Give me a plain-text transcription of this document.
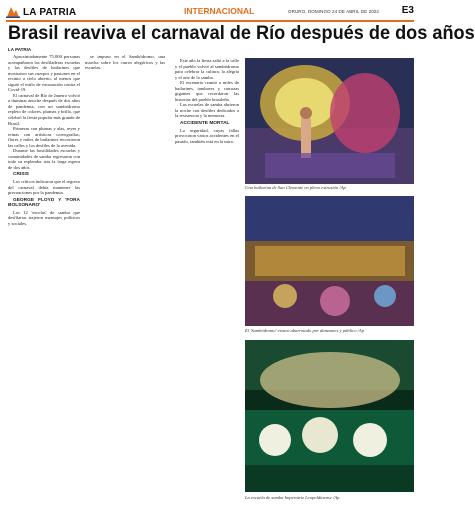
LA PATRIA	INTERNACIONAL	ORURO, DOMINGO 24 DE ABRIL DE 2022 E3
Brasil reaviva el carnaval de Río después de dos años
LA PATRIA

Aproximadamente 75.000 personas acompañaron las desfiladeras escuelas y las desfiles de bailarines que mostraron sus cuerpos y pasiones en el recinto a cielo abierto, al menos que siguió el estilo de vacunación contra el Covid-19.

El carnaval de Río de Janeiro volvió a iluminar anoche después de dos años de pandemia, con un sambódromo repleto de colores, plumas y brillo, que celebró la fiesta popular más grande de Brasil.

Primeras con plumas y alas, reyes y reinas con artísticas coreografías, flores y miles de bailarines recorrieron las calles y los desfiles de la avenida.

Durante las hostilidades escuelas y comunidades de samba regresaron con todo su esplendor tras la larga espera de dos años.

CRISIS

Los críticos indicaron que el regreso del carnaval debía mantener las precauciones por la pandemia.

GEORGE FLOYD Y 'FORA BOLSONARO'

Las 12 'escolas' de samba que desfilaron trajeron mensajes políticos y sociales.

se impuso en el Sambódromo, una marcha sobre los carros alegóricos y las escuelas.

Este año la fiesta salió a la calle y el pueblo volvió al sambódromo para celebrar la cultura, la alegría y el arte de la samba.

El escenario reunió a miles de bailarines, tambores y carrozas gigantes que recordaron las historias del pueblo brasileño.

Las escuelas de samba abrieron la noche con desfiles dedicados a la resistencia y la memoria.

ACCIDENTE MORTAL

La seguridad, cuyas fallas provocaron varios accidentes en el pasado, también está en la mira.

Una bailarina de San Clemente en pleno extrusión /Ap
El 'Sambódromo' estuvo abarrotado por danzantes y público /Ap
La escuela de samba Imperatriz Leopoldinense /Ap
